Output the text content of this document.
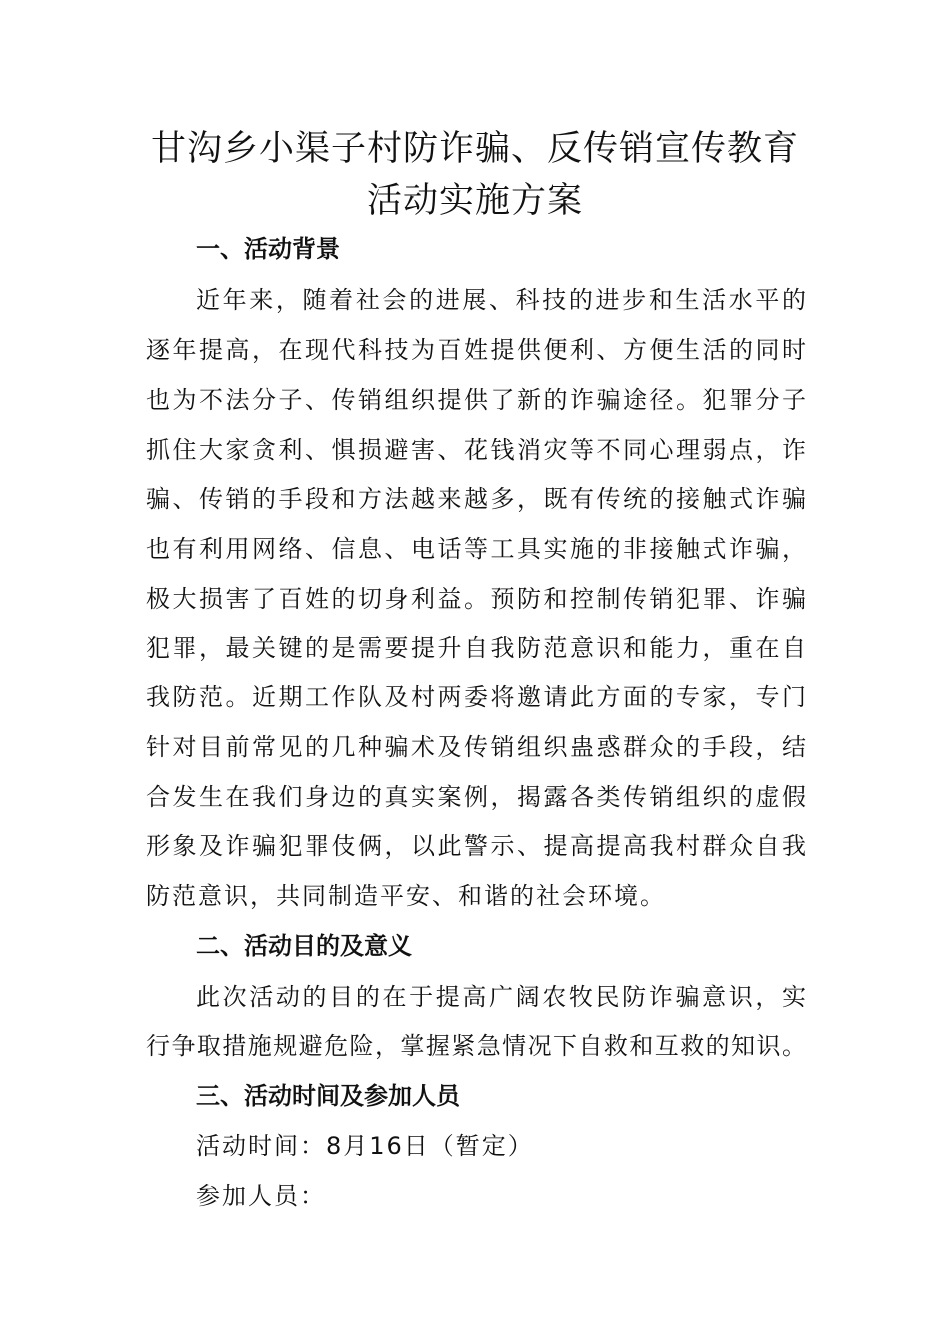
甘沟乡小渠子村防诈骗、反传销宣传教育
活动实施方案
一、活动背景

近年来，随着社会的进展、科技的进步和生活水平的

逐年提高，在现代科技为百姓提供便利、方便生活的同时

也为不法分子、传销组织提供了新的诈骗途径。犯罪分子

抓住大家贪利、惧损避害、花钱消灾等不同心理弱点，诈

骗、传销的手段和方法越来越多，既有传统的接触式诈骗

也有利用网络、信息、电话等工具实施的非接触式诈骗，

极大损害了百姓的切身利益。预防和控制传销犯罪、诈骗

犯罪，最关键的是需要提升自我防范意识和能力，重在自

我防范。近期工作队及村两委将邀请此方面的专家，专门

针对目前常见的几种骗术及传销组织蛊惑群众的手段，结

合发生在我们身边的真实案例，揭露各类传销组织的虚假

形象及诈骗犯罪伎俩，以此警示、提高提高我村群众自我

防范意识，共同制造平安、和谐的社会环境。

二、活动目的及意义

此次活动的目的在于提高广阔农牧民防诈骗意识，实

行争取措施规避危险，掌握紧急情况下自救和互救的知识。

三、活动时间及参加人员

活动时间：8月16日（暂定）

参加人员：
